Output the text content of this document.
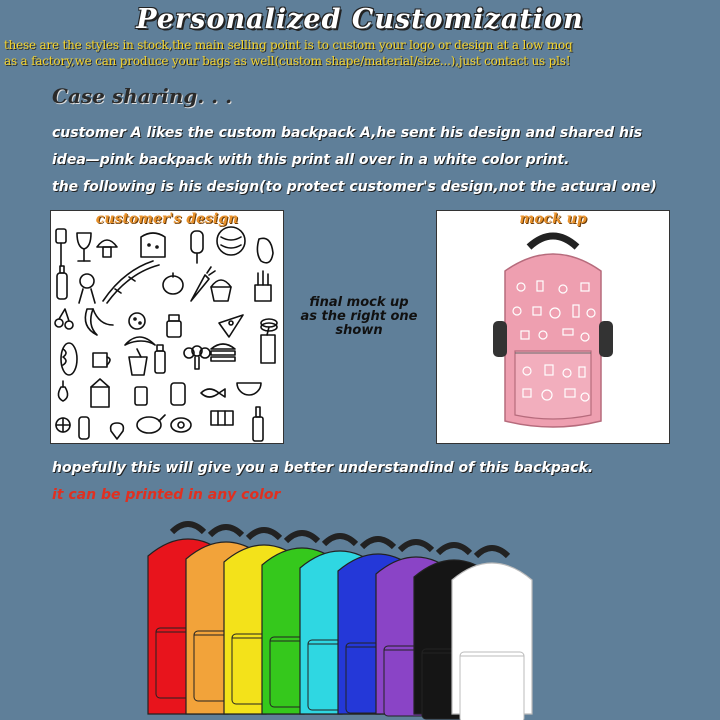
Personalized Customization
these are the styles in stock,the main selling point is to custom your logo or design at a low moq
as a factory,we can produce your bags as well(custom shape/material/size...),just contact us pls!
Case sharing. . .
customer A likes the custom backpack A,he sent his design and shared his
idea—pink backpack with this print all over in a white color print.
the following is his design(to protect customer's design,not the actural one)
customer's design
final mock up
as the right one
shown
mock up
hopefully this will give you a better understandind of this backpack.
it can be printed in any color
